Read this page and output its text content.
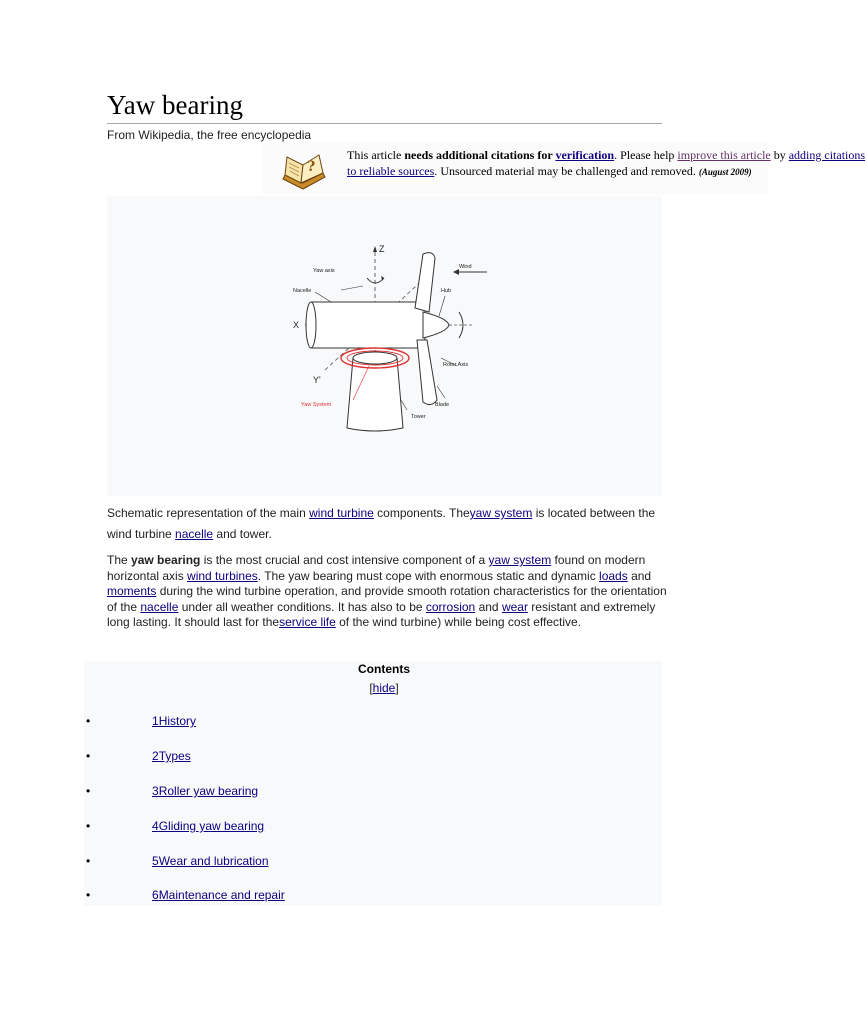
Yaw bearing
From Wikipedia, the free encyclopedia
?
This article needs additional citations for verification. Please help improve this article by adding citations to reliable sources. Unsourced material may be challenged and removed. (August 2009)
Z
X
Y'
Yaw axis
Nacelle
Wind
Hub
Rotor Axis
Yaw System	Blade
Tower
Schematic representation of the main wind turbine components. Theyaw system is located between the wind turbine nacelle and tower.
The yaw bearing is the most crucial and cost intensive component of a yaw system found on modern horizontal axis wind turbines. The yaw bearing must cope with enormous static and dynamic loads and moments during the wind turbine operation, and provide smooth rotation characteristics for the orientation of the nacelle under all weather conditions. It has also to be corrosion and wear resistant and extremely long lasting. It should last for theservice life of the wind turbine) while being cost effective.
Contents
[hide]
•	1History
•	2Types
•	3Roller yaw bearing
•	4Gliding yaw bearing
•	5Wear and lubrication
•	6Maintenance and repair
